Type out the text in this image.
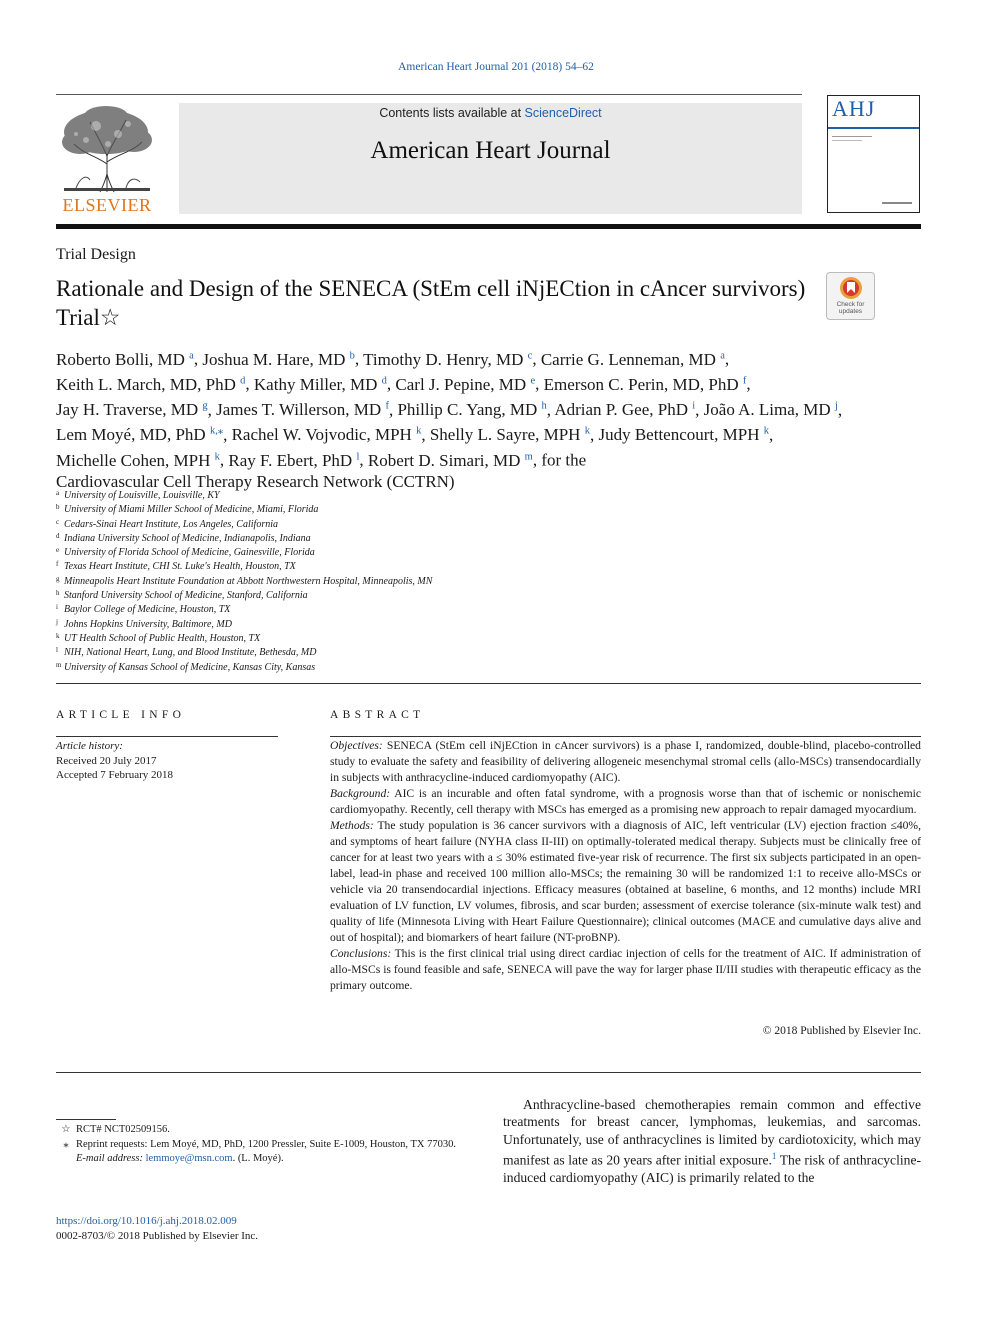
American Heart Journal 201 (2018) 54–62
ELSEVIER
Contents lists available at ScienceDirect
American Heart Journal
AHJ
Trial Design
Rationale and Design of the SENECA (StEm cell iNjECtion in cAncer survivors) Trial☆
Check for updates
Roberto Bolli, MD $^a$, Joshua M. Hare, MD $^b$, Timothy D. Henry, MD $^c$, Carrie G. Lenneman, MD $^a$,
Keith L. March, MD, PhD $^d$, Kathy Miller, MD $^d$, Carl J. Pepine, MD $^e$, Emerson C. Perin, MD, PhD $^f$,
Jay H. Traverse, MD $^g$, James T. Willerson, MD $^f$, Phillip C. Yang, MD $^h$, Adrian P. Gee, PhD $^i$, João A. Lima, MD $^j$,
Lem Moyé, MD, PhD $^{k,⁎}$, Rachel W. Vojvodic, MPH $^k$, Shelly L. Sayre, MPH $^k$, Judy Bettencourt, MPH $^k$,
Michelle Cohen, MPH $^k$, Ray F. Ebert, PhD $^l$, Robert D. Simari, MD $^m$, for the
Cardiovascular Cell Therapy Research Network (CCTRN)
a University of Louisville, Louisville, KY
b University of Miami Miller School of Medicine, Miami, Florida
c Cedars-Sinai Heart Institute, Los Angeles, California
d Indiana University School of Medicine, Indianapolis, Indiana
e University of Florida School of Medicine, Gainesville, Florida
f Texas Heart Institute, CHI St. Luke's Health, Houston, TX
g Minneapolis Heart Institute Foundation at Abbott Northwestern Hospital, Minneapolis, MN
h Stanford University School of Medicine, Stanford, California
i Baylor College of Medicine, Houston, TX
j Johns Hopkins University, Baltimore, MD
k UT Health School of Public Health, Houston, TX
l NIH, National Heart, Lung, and Blood Institute, Bethesda, MD
m University of Kansas School of Medicine, Kansas City, Kansas
ARTICLE INFO
Article history:
Received 20 July 2017
Accepted 7 February 2018
ABSTRACT

Objectives: SENECA (StEm cell iNjECtion in cAncer survivors) is a phase I, randomized, double-blind, placebo-controlled study to evaluate the safety and feasibility of delivering allogeneic mesenchymal stromal cells (allo-MSCs) transendocardially in subjects with anthracycline-induced cardiomyopathy (AIC).

Background: AIC is an incurable and often fatal syndrome, with a prognosis worse than that of ischemic or nonischemic cardiomyopathy. Recently, cell therapy with MSCs has emerged as a promising new approach to repair damaged myocardium.

Methods: The study population is 36 cancer survivors with a diagnosis of AIC, left ventricular (LV) ejection fraction ≤40%, and symptoms of heart failure (NYHA class II-III) on optimally-tolerated medical therapy. Subjects must be clinically free of cancer for at least two years with a ≤ 30% estimated five-year risk of recurrence. The first six subjects participated in an open-label, lead-in phase and received 100 million allo-MSCs; the remaining 30 will be randomized 1:1 to receive allo-MSCs or vehicle via 20 transendocardial injections. Efficacy measures (obtained at baseline, 6 months, and 12 months) include MRI evaluation of LV function, LV volumes, fibrosis, and scar burden; assessment of exercise tolerance (six-minute walk test) and quality of life (Minnesota Living with Heart Failure Questionnaire); clinical outcomes (MACE and cumulative days alive and out of hospital); and biomarkers of heart failure (NT-proBNP).

Conclusions: This is the first clinical trial using direct cardiac injection of cells for the treatment of AIC. If administration of allo-MSCs is found feasible and safe, SENECA will pave the way for larger phase II/III studies with therapeutic efficacy as the primary outcome.

© 2018 Published by Elsevier Inc.
☆ RCT# NCT02509156.
⁎ Reprint requests: Lem Moyé, MD, PhD, 1200 Pressler, Suite E-1009, Houston, TX 77030.
E-mail address: lemmoye@msn.com. (L. Moyé).
https://doi.org/10.1016/j.ahj.2018.02.009
0002-8703/© 2018 Published by Elsevier Inc.
Anthracycline-based chemotherapies remain common and effective treatments for breast cancer, lymphomas, leukemias, and sarcomas. Unfortunately, use of anthracyclines is limited by cardiotoxicity, which may manifest as late as 20 years after initial exposure.$^1$ The risk of anthracycline-induced cardiomyopathy (AIC) is primarily related to the
